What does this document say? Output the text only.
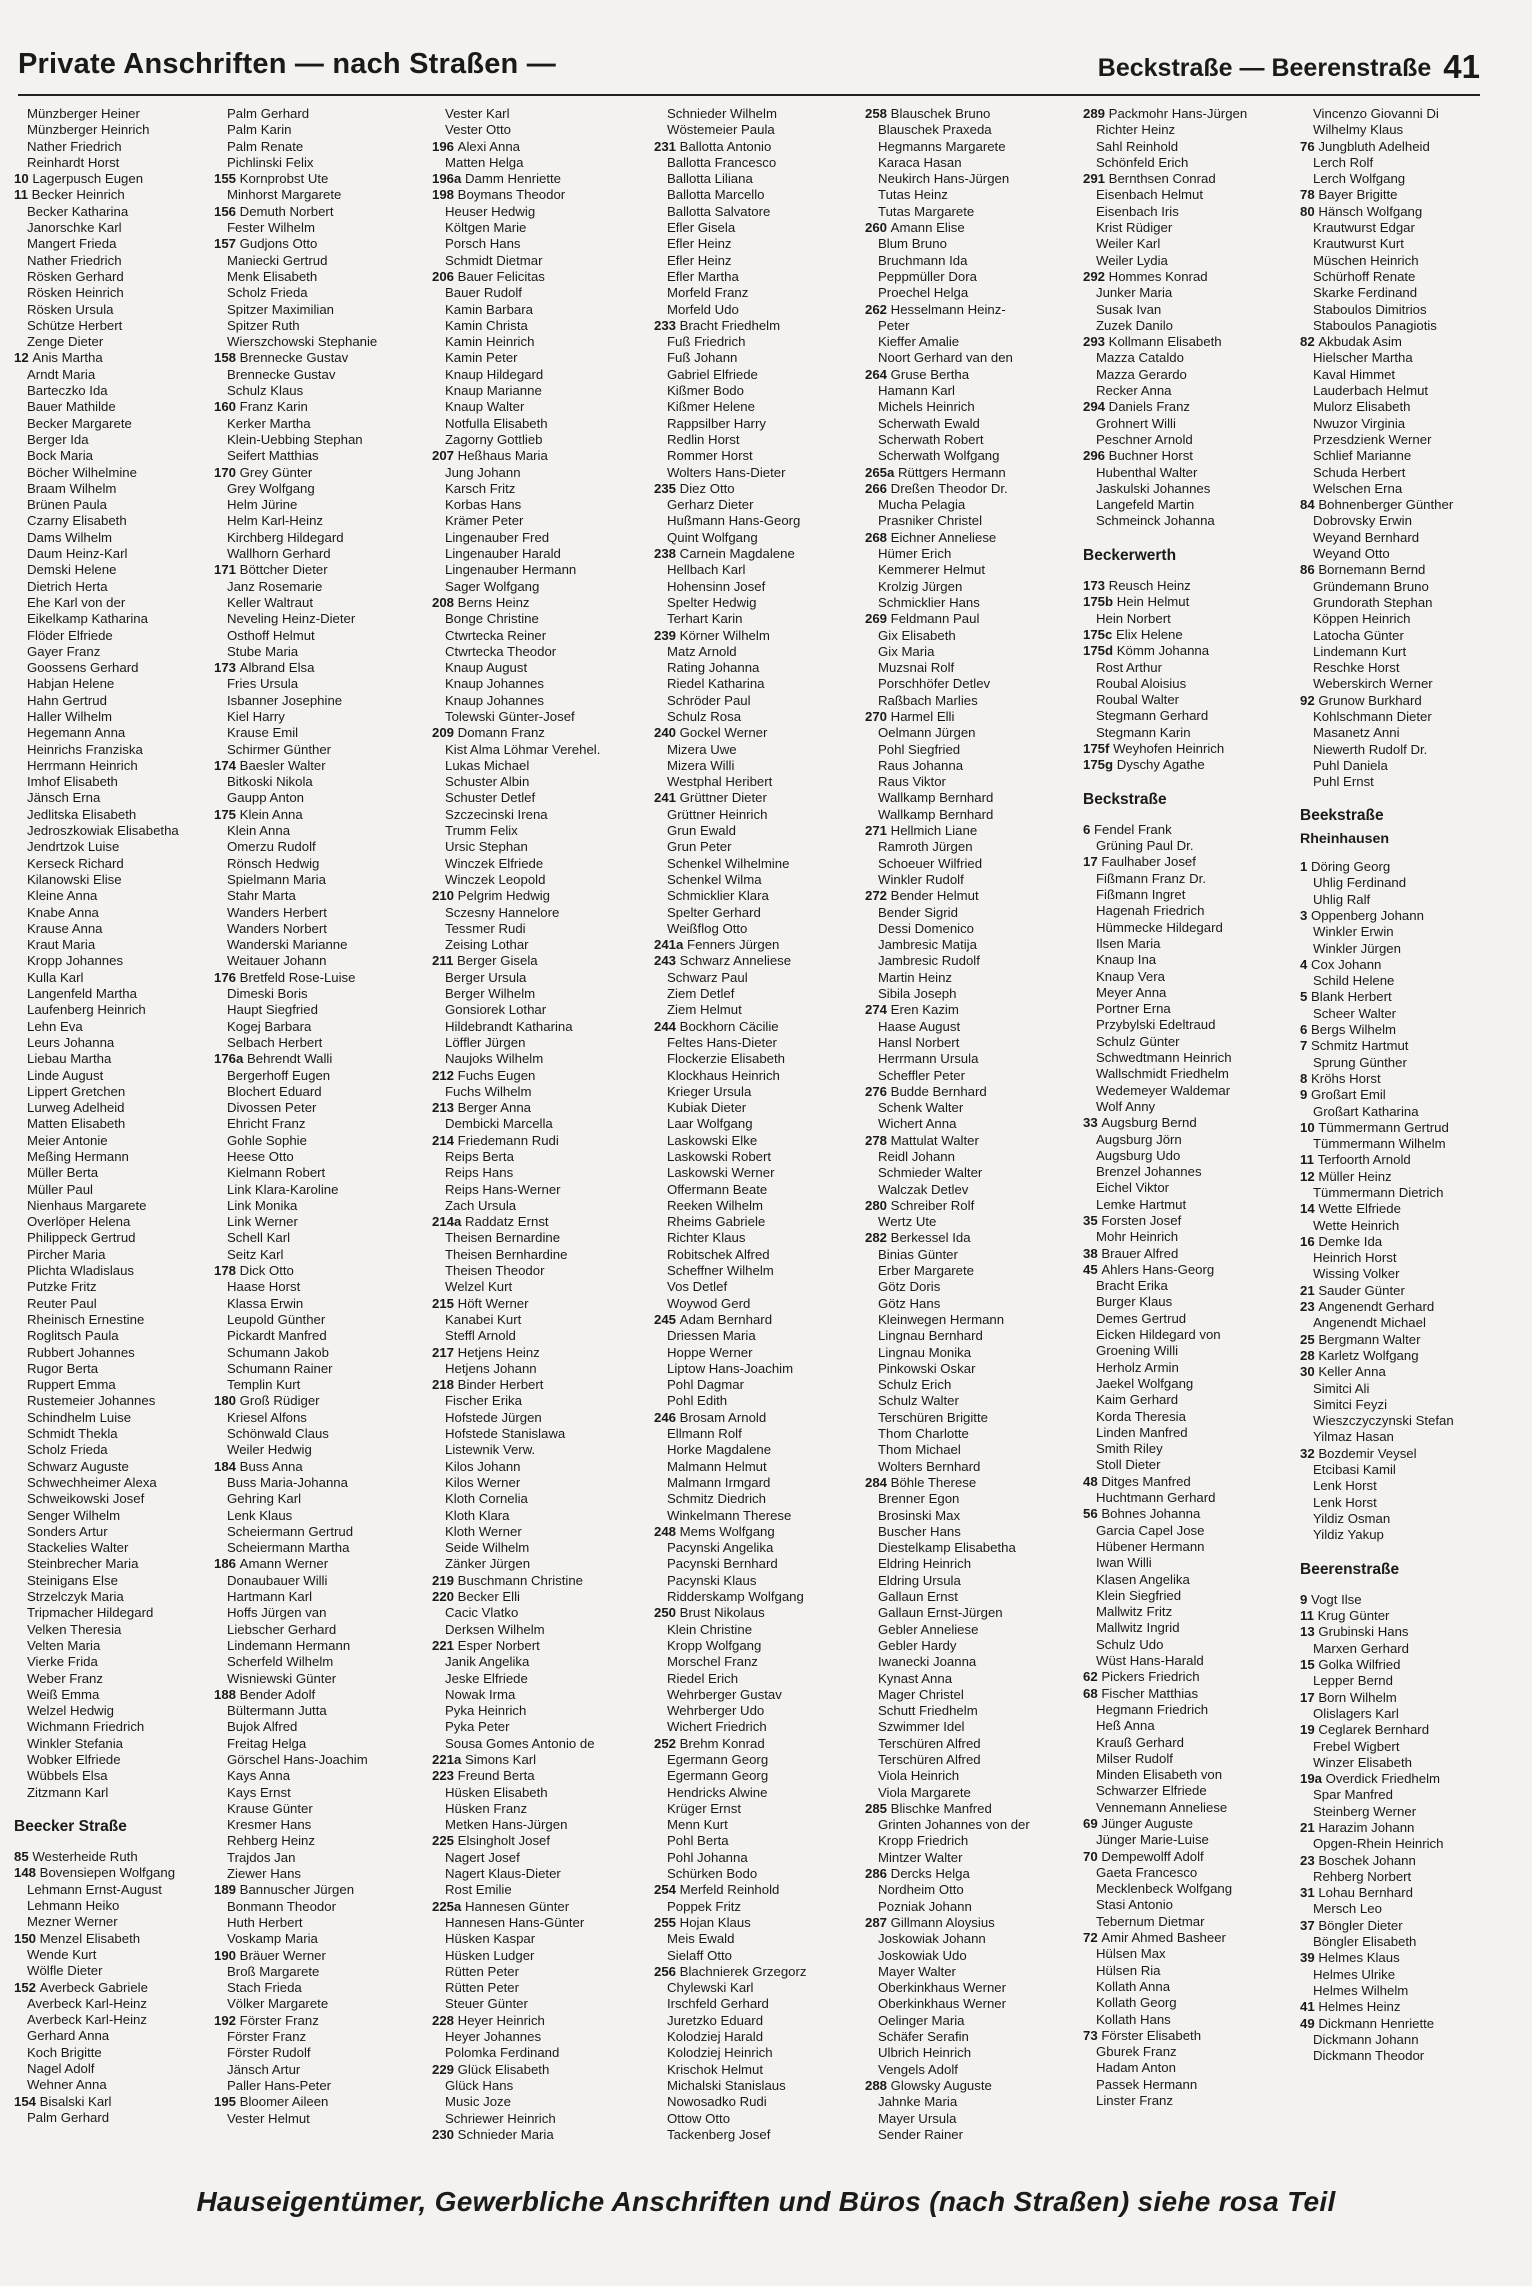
Private Anschriften — nach Straßen —	Beckstraße — Beerenstraße 41
Münzberger Heiner
Münzberger Heinrich
Nather Friedrich
Reinhardt Horst
10 Lagerpusch Eugen
11 Becker Heinrich
Becker Katharina
Janorschke Karl
Mangert Frieda
Nather Friedrich
Rösken Gerhard
Rösken Heinrich
Rösken Ursula
Schütze Herbert
Zenge Dieter
12 Anis Martha
Arndt Maria
Barteczko Ida
Bauer Mathilde
Becker Margarete
Berger Ida
Bock Maria
Böcher Wilhelmine
Braam Wilhelm
Brünen Paula
Czarny Elisabeth
Dams Wilhelm
Daum Heinz-Karl
Demski Helene
Dietrich Herta
Ehe Karl von der
Eikelkamp Katharina
Flöder Elfriede
Gayer Franz
Goossens Gerhard
Habjan Helene
Hahn Gertrud
Haller Wilhelm
Hegemann Anna
Heinrichs Franziska
Herrmann Heinrich
Imhof Elisabeth
Jänsch Erna
Jedlitska Elisabeth
Jedroszkowiak Elisabetha
Jendrtzok Luise
Kerseck Richard
Kilanowski Elise
Kleine Anna
Knabe Anna
Krause Anna
Kraut Maria
Kropp Johannes
Kulla Karl
Langenfeld Martha
Laufenberg Heinrich
Lehn Eva
Leurs Johanna
Liebau Martha
Linde August
Lippert Gretchen
Lurweg Adelheid
Matten Elisabeth
Meier Antonie
Meßing Hermann
Müller Berta
Müller Paul
Nienhaus Margarete
Overlöper Helena
Philippeck Gertrud
Pircher Maria
Plichta Wladislaus
Putzke Fritz
Reuter Paul
Rheinisch Ernestine
Roglitsch Paula
Rubbert Johannes
Rugor Berta
Ruppert Emma
Rustemeier Johannes
Schindhelm Luise
Schmidt Thekla
Scholz Frieda
Schwarz Auguste
Schwechheimer Alexa
Schweikowski Josef
Senger Wilhelm
Sonders Artur
Stackelies Walter
Steinbrecher Maria
Steinigans Else
Strzelczyk Maria
Tripmacher Hildegard
Velken Theresia
Velten Maria
Vierke Frida
Weber Franz
Weiß Emma
Welzel Hedwig
Wichmann Friedrich
Winkler Stefania
Wobker Elfriede
Wübbels Elsa
Zitzmann Karl
Beecker Straße
85 Westerheide Ruth
148 Bovensiepen Wolfgang
Lehmann Ernst-August
Lehmann Heiko
Mezner Werner
150 Menzel Elisabeth
Wende Kurt
Wölfle Dieter
152 Averbeck Gabriele
Averbeck Karl-Heinz
Averbeck Karl-Heinz
Gerhard Anna
Koch Brigitte
Nagel Adolf
Wehner Anna
154 Bisalski Karl
Palm Gerhard
Palm Gerhard
Palm Karin
Palm Renate
Pichlinski Felix
155 Kornprobst Ute
Minhorst Margarete
156 Demuth Norbert
Fester Wilhelm
157 Gudjons Otto
Maniecki Gertrud
Menk Elisabeth
Scholz Frieda
Spitzer Maximilian
Spitzer Ruth
Wierszchowski Stephanie
158 Brennecke Gustav
Brennecke Gustav
Schulz Klaus
160 Franz Karin
Kerker Martha
Klein-Uebbing Stephan
Seifert Matthias
170 Grey Günter
Grey Wolfgang
Helm Jürine
Helm Karl-Heinz
Kirchberg Hildegard
Wallhorn Gerhard
171 Böttcher Dieter
Janz Rosemarie
Keller Waltraut
Neveling Heinz-Dieter
Osthoff Helmut
Stube Maria
173 Albrand Elsa
Fries Ursula
Isbanner Josephine
Kiel Harry
Krause Emil
Schirmer Günther
174 Baesler Walter
Bitkoski Nikola
Gaupp Anton
175 Klein Anna
Klein Anna
Omerzu Rudolf
Rönsch Hedwig
Spielmann Maria
Stahr Marta
Wanders Herbert
Wanders Norbert
Wanderski Marianne
Weitauer Johann
176 Bretfeld Rose-Luise
Dimeski Boris
Haupt Siegfried
Kogej Barbara
Selbach Herbert
176a Behrendt Walli
Bergerhoff Eugen
Blochert Eduard
Divossen Peter
Ehricht Franz
Gohle Sophie
Heese Otto
Kielmann Robert
Link Klara-Karoline
Link Monika
Link Werner
Schell Karl
Seitz Karl
178 Dick Otto
Haase Horst
Klassa Erwin
Leupold Günther
Pickardt Manfred
Schumann Jakob
Schumann Rainer
Templin Kurt
180 Groß Rüdiger
Kriesel Alfons
Schönwald Claus
Weiler Hedwig
184 Buss Anna
Buss Maria-Johanna
Gehring Karl
Lenk Klaus
Scheiermann Gertrud
Scheiermann Martha
186 Amann Werner
Donaubauer Willi
Hartmann Karl
Hoffs Jürgen van
Liebscher Gerhard
Lindemann Hermann
Scherfeld Wilhelm
Wisniewski Günter
188 Bender Adolf
Bültermann Jutta
Bujok Alfred
Freitag Helga
Görschel Hans-Joachim
Kays Anna
Kays Ernst
Krause Günter
Kresmer Hans
Rehberg Heinz
Trajdos Jan
Ziewer Hans
189 Bannuscher Jürgen
Bonmann Theodor
Huth Herbert
Voskamp Maria
190 Bräuer Werner
Broß Margarete
Stach Frieda
Völker Margarete
192 Förster Franz
Förster Franz
Förster Rudolf
Jänsch Artur
Paller Hans-Peter
195 Bloomer Aileen
Vester Helmut
Vester Karl
Vester Otto
196 Alexi Anna
Matten Helga
196a Damm Henriette
198 Boymans Theodor
Heuser Hedwig
Költgen Marie
Porsch Hans
Schmidt Dietmar
206 Bauer Felicitas
Bauer Rudolf
Kamin Barbara
Kamin Christa
Kamin Heinrich
Kamin Peter
Knaup Hildegard
Knaup Marianne
Knaup Walter
Notfulla Elisabeth
Zagorny Gottlieb
207 Heßhaus Maria
Jung Johann
Karsch Fritz
Korbas Hans
Krämer Peter
Lingenauber Fred
Lingenauber Harald
Lingenauber Hermann
Sager Wolfgang
208 Berns Heinz
Bonge Christine
Ctwrtecka Reiner
Ctwrtecka Theodor
Knaup August
Knaup Johannes
Knaup Johannes
Tolewski Günter-Josef
209 Domann Franz
Kist Alma Löhmar Verehel.
Lukas Michael
Schuster Albin
Schuster Detlef
Szczecinski Irena
Trumm Felix
Ursic Stephan
Winczek Elfriede
Winczek Leopold
210 Pelgrim Hedwig
Sczesny Hannelore
Tessmer Rudi
Zeising Lothar
211 Berger Gisela
Berger Ursula
Berger Wilhelm
Gonsiorek Lothar
Hildebrandt Katharina
Löffler Jürgen
Naujoks Wilhelm
212 Fuchs Eugen
Fuchs Wilhelm
213 Berger Anna
Dembicki Marcella
214 Friedemann Rudi
Reips Berta
Reips Hans
Reips Hans-Werner
Zach Ursula
214a Raddatz Ernst
Theisen Bernardine
Theisen Bernhardine
Theisen Theodor
Welzel Kurt
215 Höft Werner
Kanabei Kurt
Steffl Arnold
217 Hetjens Heinz
Hetjens Johann
218 Binder Herbert
Fischer Erika
Hofstede Jürgen
Hofstede Stanislawa
Listewnik Verw.
Kilos Johann
Kilos Werner
Kloth Cornelia
Kloth Klara
Kloth Werner
Seide Wilhelm
Zänker Jürgen
219 Buschmann Christine
220 Becker Elli
Cacic Vlatko
Derksen Wilhelm
221 Esper Norbert
Janik Angelika
Jeske Elfriede
Nowak Irma
Pyka Heinrich
Pyka Peter
Sousa Gomes Antonio de
221a Simons Karl
223 Freund Berta
Hüsken Elisabeth
Hüsken Franz
Metken Hans-Jürgen
225 Elsingholt Josef
Nagert Josef
Nagert Klaus-Dieter
Rost Emilie
225a Hannesen Günter
Hannesen Hans-Günter
Hüsken Kaspar
Hüsken Ludger
Rütten Peter
Rütten Peter
Steuer Günter
228 Heyer Heinrich
Heyer Johannes
Polomka Ferdinand
229 Glück Elisabeth
Glück Hans
Music Joze
Schriewer Heinrich
230 Schnieder Maria
Schnieder Wilhelm
Wöstemeier Paula
231 Ballotta Antonio
Ballotta Francesco
Ballotta Liliana
Ballotta Marcello
Ballotta Salvatore
Efler Gisela
Efler Heinz
Efler Heinz
Efler Martha
Morfeld Franz
Morfeld Udo
233 Bracht Friedhelm
Fuß Friedrich
Fuß Johann
Gabriel Elfriede
Kißmer Bodo
Kißmer Helene
Rappsilber Harry
Redlin Horst
Rommer Horst
Wolters Hans-Dieter
235 Diez Otto
Gerharz Dieter
Hußmann Hans-Georg
Quint Wolfgang
238 Carnein Magdalene
Hellbach Karl
Hohensinn Josef
Spelter Hedwig
Terhart Karin
239 Körner Wilhelm
Matz Arnold
Rating Johanna
Riedel Katharina
Schröder Paul
Schulz Rosa
240 Gockel Werner
Mizera Uwe
Mizera Willi
Westphal Heribert
241 Grüttner Dieter
Grüttner Heinrich
Grun Ewald
Grun Peter
Schenkel Wilhelmine
Schenkel Wilma
Schmicklier Klara
Spelter Gerhard
Weißflog Otto
241a Fenners Jürgen
243 Schwarz Anneliese
Schwarz Paul
Ziem Detlef
Ziem Helmut
244 Bockhorn Cäcilie
Feltes Hans-Dieter
Flockerzie Elisabeth
Klockhaus Heinrich
Krieger Ursula
Kubiak Dieter
Laar Wolfgang
Laskowski Elke
Laskowski Robert
Laskowski Werner
Offermann Beate
Reeken Wilhelm
Rheims Gabriele
Richter Klaus
Robitschek Alfred
Scheffner Wilhelm
Vos Detlef
Woywod Gerd
245 Adam Bernhard
Driessen Maria
Hoppe Werner
Liptow Hans-Joachim
Pohl Dagmar
Pohl Edith
246 Brosam Arnold
Ellmann Rolf
Horke Magdalene
Malmann Helmut
Malmann Irmgard
Schmitz Diedrich
Winkelmann Therese
248 Mems Wolfgang
Pacynski Angelika
Pacynski Bernhard
Pacynski Klaus
Ridderskamp Wolfgang
250 Brust Nikolaus
Klein Christine
Kropp Wolfgang
Morschel Franz
Riedel Erich
Wehrberger Gustav
Wehrberger Udo
Wichert Friedrich
252 Brehm Konrad
Egermann Georg
Egermann Georg
Hendricks Alwine
Krüger Ernst
Menn Kurt
Pohl Berta
Pohl Johanna
Schürken Bodo
254 Merfeld Reinhold
Poppek Fritz
255 Hojan Klaus
Meis Ewald
Sielaff Otto
256 Blachnierek Grzegorz
Chylewski Karl
Irschfeld Gerhard
Juretzko Eduard
Kolodziej Harald
Kolodziej Heinrich
Krischok Helmut
Michalski Stanislaus
Nowosadko Rudi
Ottow Otto
Tackenberg Josef
258 Blauschek Bruno
Blauschek Praxeda
Hegmanns Margarete
Karaca Hasan
Neukirch Hans-Jürgen
Tutas Heinz
Tutas Margarete
260 Amann Elise
Blum Bruno
Bruchmann Ida
Peppmüller Dora
Proechel Helga
262 Hesselmann Heinz-
Peter
Kieffer Amalie
Noort Gerhard van den
264 Gruse Bertha
Hamann Karl
Michels Heinrich
Scherwath Ewald
Scherwath Robert
Scherwath Wolfgang
265a Rüttgers Hermann
266 Dreßen Theodor Dr.
Mucha Pelagia
Prasniker Christel
268 Eichner Anneliese
Hümer Erich
Kemmerer Helmut
Krolzig Jürgen
Schmicklier Hans
269 Feldmann Paul
Gix Elisabeth
Gix Maria
Muzsnai Rolf
Porschhöfer Detlev
Raßbach Marlies
270 Harmel Elli
Oelmann Jürgen
Pohl Siegfried
Raus Johanna
Raus Viktor
Wallkamp Bernhard
Wallkamp Bernhard
271 Hellmich Liane
Ramroth Jürgen
Schoeuer Wilfried
Winkler Rudolf
272 Bender Helmut
Bender Sigrid
Dessi Domenico
Jambresic Matija
Jambresic Rudolf
Martin Heinz
Sibila Joseph
274 Eren Kazim
Haase August
Hansl Norbert
Herrmann Ursula
Scheffler Peter
276 Budde Bernhard
Schenk Walter
Wichert Anna
278 Mattulat Walter
Reidl Johann
Schmieder Walter
Walczak Detlev
280 Schreiber Rolf
Wertz Ute
282 Berkessel Ida
Binias Günter
Erber Margarete
Götz Doris
Götz Hans
Kleinwegen Hermann
Lingnau Bernhard
Lingnau Monika
Pinkowski Oskar
Schulz Erich
Schulz Walter
Terschüren Brigitte
Thom Charlotte
Thom Michael
Wolters Bernhard
284 Böhle Therese
Brenner Egon
Brosinski Max
Buscher Hans
Diestelkamp Elisabetha
Eldring Heinrich
Eldring Ursula
Gallaun Ernst
Gallaun Ernst-Jürgen
Gebler Anneliese
Gebler Hardy
Iwanecki Joanna
Kynast Anna
Mager Christel
Schutt Friedhelm
Szwimmer Idel
Terschüren Alfred
Terschüren Alfred
Viola Heinrich
Viola Margarete
285 Blischke Manfred
Grinten Johannes von der
Kropp Friedrich
Mintzer Walter
286 Dercks Helga
Nordheim Otto
Pozniak Johann
287 Gillmann Aloysius
Joskowiak Johann
Joskowiak Udo
Mayer Walter
Oberkinkhaus Werner
Oberkinkhaus Werner
Oelinger Maria
Schäfer Serafin
Ulbrich Heinrich
Vengels Adolf
288 Glowsky Auguste
Jahnke Maria
Mayer Ursula
Sender Rainer
289 Packmohr Hans-Jürgen
Richter Heinz
Sahl Reinhold
Schönfeld Erich
291 Bernthsen Conrad
Eisenbach Helmut
Eisenbach Iris
Krist Rüdiger
Weiler Karl
Weiler Lydia
292 Hommes Konrad
Junker Maria
Susak Ivan
Zuzek Danilo
293 Kollmann Elisabeth
Mazza Cataldo
Mazza Gerardo
Recker Anna
294 Daniels Franz
Grohnert Willi
Peschner Arnold
296 Buchner Horst
Hubenthal Walter
Jaskulski Johannes
Langefeld Martin
Schmeinck Johanna
Beckerwerth
173 Reusch Heinz
175b Hein Helmut
Hein Norbert
175c Elix Helene
175d Kömm Johanna
Rost Arthur
Roubal Aloisius
Roubal Walter
Stegmann Gerhard
Stegmann Karin
175f Weyhofen Heinrich
175g Dyschy Agathe
Beckstraße
6 Fendel Frank
Grüning Paul Dr.
17 Faulhaber Josef
Fißmann Franz Dr.
Fißmann Ingret
Hagenah Friedrich
Hümmecke Hildegard
Ilsen Maria
Knaup Ina
Knaup Vera
Meyer Anna
Portner Erna
Przybylski Edeltraud
Schulz Günter
Schwedtmann Heinrich
Wallschmidt Friedhelm
Wedemeyer Waldemar
Wolf Anny
33 Augsburg Bernd
Augsburg Jörn
Augsburg Udo
Brenzel Johannes
Eichel Viktor
Lemke Hartmut
35 Forsten Josef
Mohr Heinrich
38 Brauer Alfred
45 Ahlers Hans-Georg
Bracht Erika
Burger Klaus
Demes Gertrud
Eicken Hildegard von
Groening Willi
Herholz Armin
Jaekel Wolfgang
Kaim Gerhard
Korda Theresia
Linden Manfred
Smith Riley
Stoll Dieter
48 Ditges Manfred
Huchtmann Gerhard
56 Bohnes Johanna
Garcia Capel Jose
Hübener Hermann
Iwan Willi
Klasen Angelika
Klein Siegfried
Mallwitz Fritz
Mallwitz Ingrid
Schulz Udo
Wüst Hans-Harald
62 Pickers Friedrich
68 Fischer Matthias
Hegmann Friedrich
Heß Anna
Krauß Gerhard
Milser Rudolf
Minden Elisabeth von
Schwarzer Elfriede
Vennemann Anneliese
69 Jünger Auguste
Jünger Marie-Luise
70 Dempewolff Adolf
Gaeta Francesco
Mecklenbeck Wolfgang
Stasi Antonio
Tebernum Dietmar
72 Amir Ahmed Basheer
Hülsen Max
Hülsen Ria
Kollath Anna
Kollath Georg
Kollath Hans
73 Förster Elisabeth
Gburek Franz
Hadam Anton
Passek Hermann
Linster Franz
Vincenzo Giovanni Di
Wilhelmy Klaus
76 Jungbluth Adelheid
Lerch Rolf
Lerch Wolfgang
78 Bayer Brigitte
80 Hänsch Wolfgang
Krautwurst Edgar
Krautwurst Kurt
Müschen Heinrich
Schürhoff Renate
Skarke Ferdinand
Staboulos Dimitrios
Staboulos Panagiotis
82 Akbudak Asim
Hielscher Martha
Kaval Himmet
Lauderbach Helmut
Mulorz Elisabeth
Nwuzor Virginia
Przesdzienk Werner
Schlief Marianne
Schuda Herbert
Welschen Erna
84 Bohnenberger Günther
Dobrovsky Erwin
Weyand Bernhard
Weyand Otto
86 Bornemann Bernd
Gründemann Bruno
Grundorath Stephan
Köppen Heinrich
Latocha Günter
Lindemann Kurt
Reschke Horst
Weberskirch Werner
92 Grunow Burkhard
Kohlschmann Dieter
Masanetz Anni
Niewerth Rudolf Dr.
Puhl Daniela
Puhl Ernst
Beekstraße
Rheinhausen
1 Döring Georg
Uhlig Ferdinand
Uhlig Ralf
3 Oppenberg Johann
Winkler Erwin
Winkler Jürgen
4 Cox Johann
Schild Helene
5 Blank Herbert
Scheer Walter
6 Bergs Wilhelm
7 Schmitz Hartmut
Sprung Günther
8 Kröhs Horst
9 Großart Emil
Großart Katharina
10 Tümmermann Gertrud
Tümmermann Wilhelm
11 Terfoorth Arnold
12 Müller Heinz
Tümmermann Dietrich
14 Wette Elfriede
Wette Heinrich
16 Demke Ida
Heinrich Horst
Wissing Volker
21 Sauder Günter
23 Angenendt Gerhard
Angenendt Michael
25 Bergmann Walter
28 Karletz Wolfgang
30 Keller Anna
Simitci Ali
Simitci Feyzi
Wieszczyczynski Stefan
Yilmaz Hasan
32 Bozdemir Veysel
Etcibasi Kamil
Lenk Horst
Lenk Horst
Yildiz Osman
Yildiz Yakup
Beerenstraße
9 Vogt Ilse
11 Krug Günter
13 Grubinski Hans
Marxen Gerhard
15 Golka Wilfried
Lepper Bernd
17 Born Wilhelm
Olislagers Karl
19 Ceglarek Bernhard
Frebel Wigbert
Winzer Elisabeth
19a Overdick Friedhelm
Spar Manfred
Steinberg Werner
21 Harazim Johann
Opgen-Rhein Heinrich
23 Boschek Johann
Rehberg Norbert
31 Lohau Bernhard
Mersch Leo
37 Böngler Dieter
Böngler Elisabeth
39 Helmes Klaus
Helmes Ulrike
Helmes Wilhelm
41 Helmes Heinz
49 Dickmann Henriette
Dickmann Johann
Dickmann Theodor
Hauseigentümer, Gewerbliche Anschriften und Büros (nach Straßen) siehe rosa Teil
